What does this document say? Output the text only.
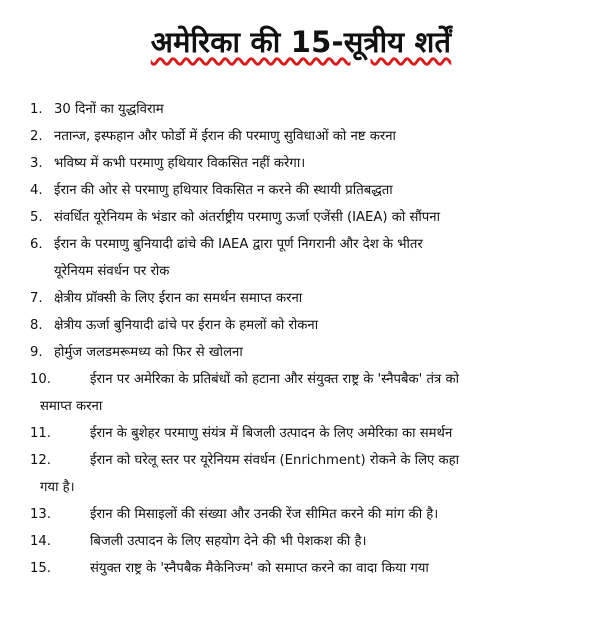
अमेरिका की 15-सूत्रीय शर्तें
1. 30 दिनों का युद्धविराम
2. नतान्ज, इस्फहान और फोर्डो में ईरान की परमाणु सुविधाओं को नष्ट करना
3. भविष्य में कभी परमाणु हथियार विकसित नहीं करेगा।
4. ईरान की ओर से परमाणु हथियार विकसित न करने की स्थायी प्रतिबद्धता
5. संवर्धित यूरेनियम के भंडार को अंतर्राष्ट्रीय परमाणु ऊर्जा एजेंसी (IAEA) को सौंपना
6. ईरान के परमाणु बुनियादी ढांचे की IAEA द्वारा पूर्ण निगरानी और देश के भीतर
यूरेनियम संवर्धन पर रोक
7. क्षेत्रीय प्रॉक्सी के लिए ईरान का समर्थन समाप्त करना
8. क्षेत्रीय ऊर्जा बुनियादी ढांचे पर ईरान के हमलों को रोकना
9. होर्मुज जलडमरूमध्य को फिर से खोलना
10.	ईरान पर अमेरिका के प्रतिबंधों को हटाना और संयुक्त राष्ट्र के 'स्नैपबैक' तंत्र को
समाप्त करना
11.	ईरान के बुशेहर परमाणु संयंत्र में बिजली उत्पादन के लिए अमेरिका का समर्थन
12.	ईरान को घरेलू स्तर पर यूरेनियम संवर्धन (Enrichment) रोकने के लिए कहा
गया है।
13.	ईरान की मिसाइलों की संख्या और उनकी रेंज सीमित करने की मांग की है।
14.	बिजली उत्पादन के लिए सहयोग देने की भी पेशकश की है।
15.	संयुक्त राष्ट्र के 'स्नैपबैक मैकेनिज्म' को समाप्त करने का वादा किया गया
